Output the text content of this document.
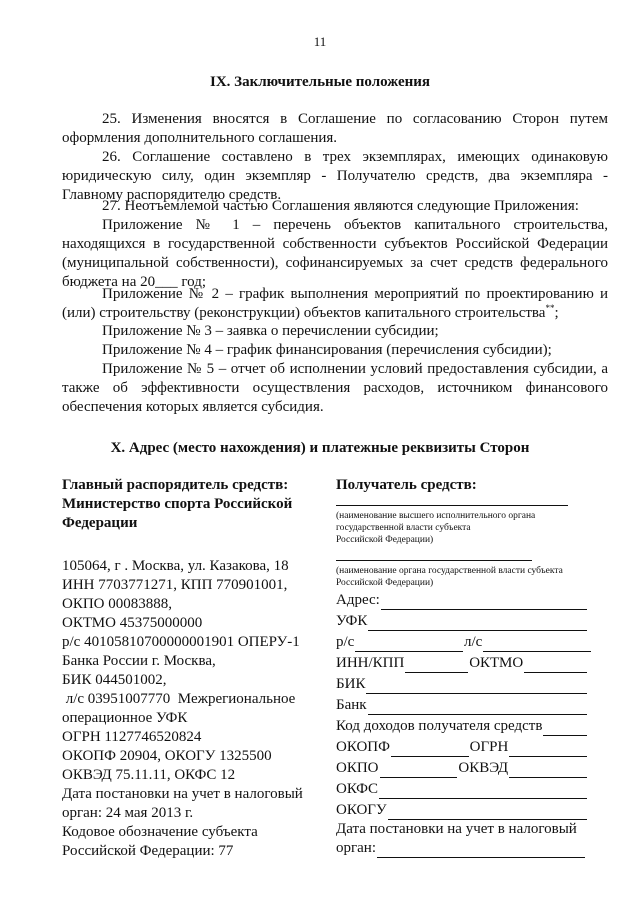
11
IX. Заключительные положения
25. Изменения вносятся в Соглашение по согласованию Сторон путем оформления дополнительного соглашения.
26. Соглашение составлено в трех экземплярах, имеющих одинаковую юридическую силу, один экземпляр - Получателю средств, два экземпляра - Главному распорядителю средств.
27. Неотъемлемой частью Соглашения являются следующие Приложения:
Приложение № 1 – перечень объектов капитального строительства, находящихся в государственной собственности субъектов Российской Федерации (муниципальной собственности), софинансируемых за счет средств федерального бюджета на 20___ год;
Приложение № 2 – график выполнения мероприятий по проектированию и (или) строительству (реконструкции) объектов капитального строительства**;
Приложение № 3 – заявка о перечислении субсидии;
Приложение № 4 – график финансирования (перечисления субсидии);
Приложение № 5 – отчет об исполнении условий предоставления субсидии, а также об эффективности осуществления расходов, источником финансового обеспечения которых является субсидия.
X. Адрес (место нахождения) и платежные реквизиты Сторон
Главный распорядитель средств:
Министерство спорта Российской
Федерации
105064, г . Москва, ул. Казакова, 18
ИНН 7703771271, КПП 770901001,
ОКПО 00083888,
ОКТМО 45375000000
р/с 40105810700000001901 ОПЕРУ-1
Банка России г. Москва,
БИК 044501002,
л/с 03951007770  Межрегиональное
операционное УФК
ОГРН 1127746520824
ОКОПФ 20904, ОКОГУ 1325500
ОКВЭД 75.11.11, ОКФС 12
Дата постановки на учет в налоговый
орган: 24 мая 2013 г.
Кодовое обозначение субъекта
Российской Федерации: 77
Получатель средств:
(наименование высшего исполнительного органа
государственной власти субъекта
Российской Федерации)
(наименование органа государственной власти субъекта
Российской Федерации)
Адрес:
УФК
р/с	л/с
ИНН/КПП	ОКТМО
БИК
Банк
Код доходов получателя средств
ОКОПФ	ОГРН
ОКПО	ОКВЭД
ОКФС
ОКОГУ
Дата постановки на учет в налоговый
орган:
